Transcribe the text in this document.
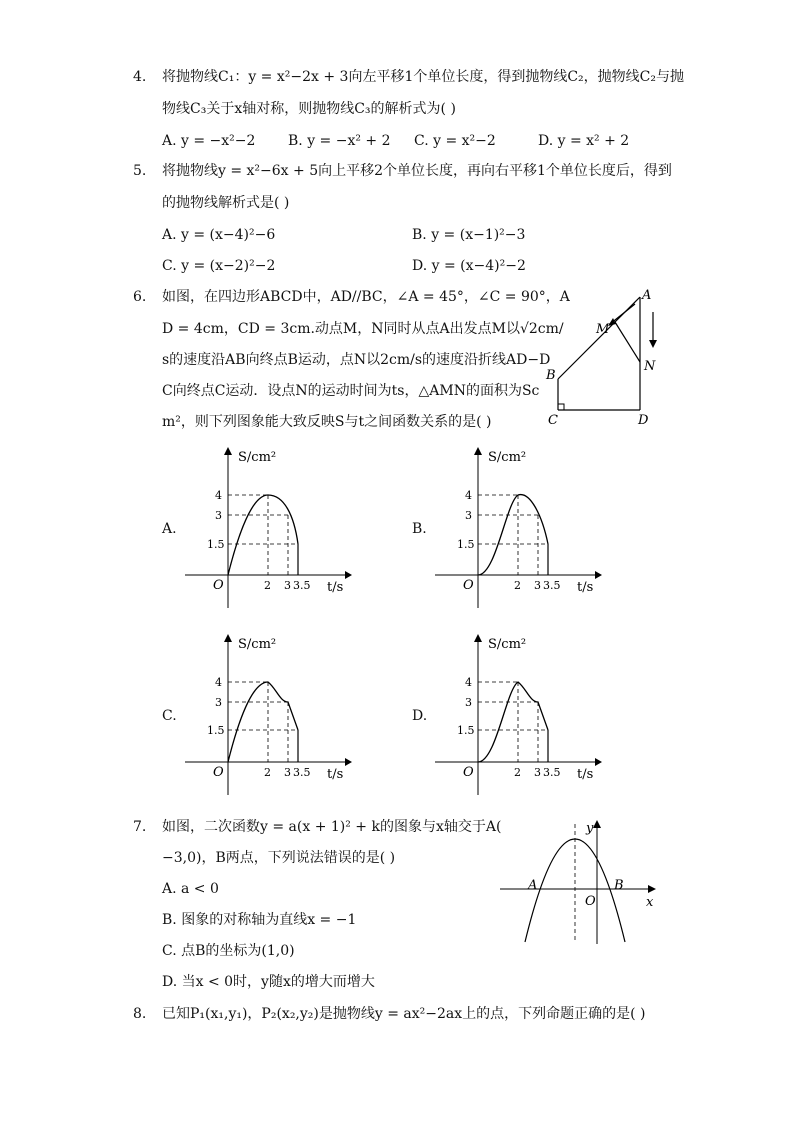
4. 将抛物线C₁：y = x²−2x + 3向左平移1个单位长度，得到抛物线C₂，抛物线C₂与抛
物线C₃关于x轴对称，则抛物线C₃的解析式为( )
A. y = −x²−2 B. y = −x² + 2 C. y = x²−2	D. y = x² + 2
5. 将抛物线y = x²−6x + 5向上平移2个单位长度，再向右平移1个单位长度后，得到
的抛物线解析式是( )
A. y = (x−4)²−6	B. y = (x−1)²−3
C. y = (x−2)²−2	D. y = (x−4)²−2
6. 如图，在四边形ABCD中，AD//BC，∠A = 45°，∠C = 90°，A
D = 4cm，CD = 3cm.动点M，N同时从点A出发点M以√2cm/
s的速度沿AB向终点B运动，点N以2cm/s的速度沿折线AD−D
C向终点C运动．设点N的运动时间为ts，△AMN的面积为Sc
m²，则下列图象能大致反映S与t之间函数关系的是( )
A
B
C	D
M
N
A.	B.
C.	D.
S/cm²
t/s
O
4
3
1.5
2 3 3.5
S/cm²
t/s
O
4
3
1.5
2 3 3.5
S/cm²
t/s
O
4
3
1.5
2 3 3.5
S/cm²
t/s
O
4
3
1.5
2 3 3.5
7. 如图，二次函数y = a(x + 1)² + k的图象与x轴交于A(
−3,0)，B两点，下列说法错误的是( )
A. a < 0
B. 图象的对称轴为直线x = −1
C. 点B的坐标为(1,0)
D. 当x < 0时，y随x的增大而增大
y
x
A	B
O
8. 已知P₁(x₁,y₁)，P₂(x₂,y₂)是抛物线y = ax²−2ax上的点，下列命题正确的是( )
